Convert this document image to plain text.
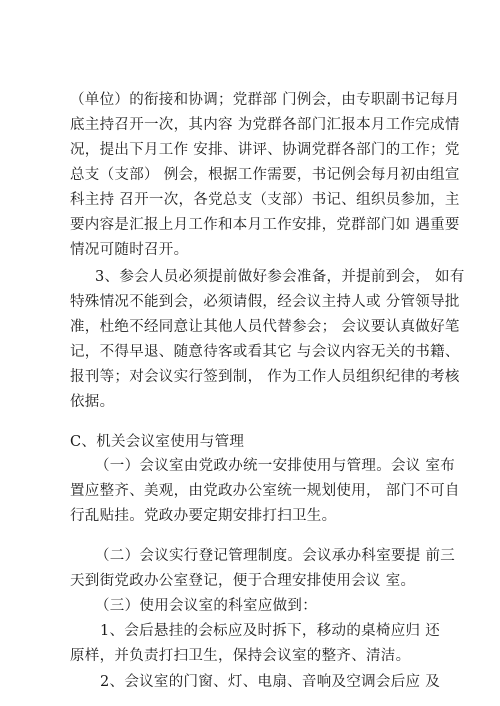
（单位）的衔接和协调；党群部 门例会，由专职副书记每月
底主持召开一次，其内容 为党群各部门汇报本月工作完成情
况，提出下月工作 安排、讲评、协调党群各部门的工作；党
总支（支部） 例会，根据工作需要，书记例会每月初由组宣
科主持 召开一次，各党总支（支部）书记、组织员参加，主
要内容是汇报上月工作和本月工作安排，党群部门如 遇重要
情况可随时召开。
3、参会人员必须提前做好参会准备，并提前到会， 如有
特殊情况不能到会，必须请假，经会议主持人或 分管领导批
准，杜绝不经同意让其他人员代替参会； 会议要认真做好笔
记，不得早退、随意待客或看其它 与会议内容无关的书籍、
报刊等；对会议实行签到制， 作为工作人员组织纪律的考核
依据。
C、机关会议室使用与管理
（一）会议室由党政办统一安排使用与管理。会议 室布
置应整齐、美观，由党政办公室统一规划使用， 部门不可自
行乱贴挂。党政办要定期安排打扫卫生。
（二）会议实行登记管理制度。会议承办科室要提 前三
天到街党政办公室登记，便于合理安排使用会议 室。
（三）使用会议室的科室应做到：
1、会后悬挂的会标应及时拆下，移动的桌椅应归 还
原样，并负责打扫卫生，保持会议室的整齐、清洁。
2、会议室的门窗、灯、电扇、音响及空调会后应 及
